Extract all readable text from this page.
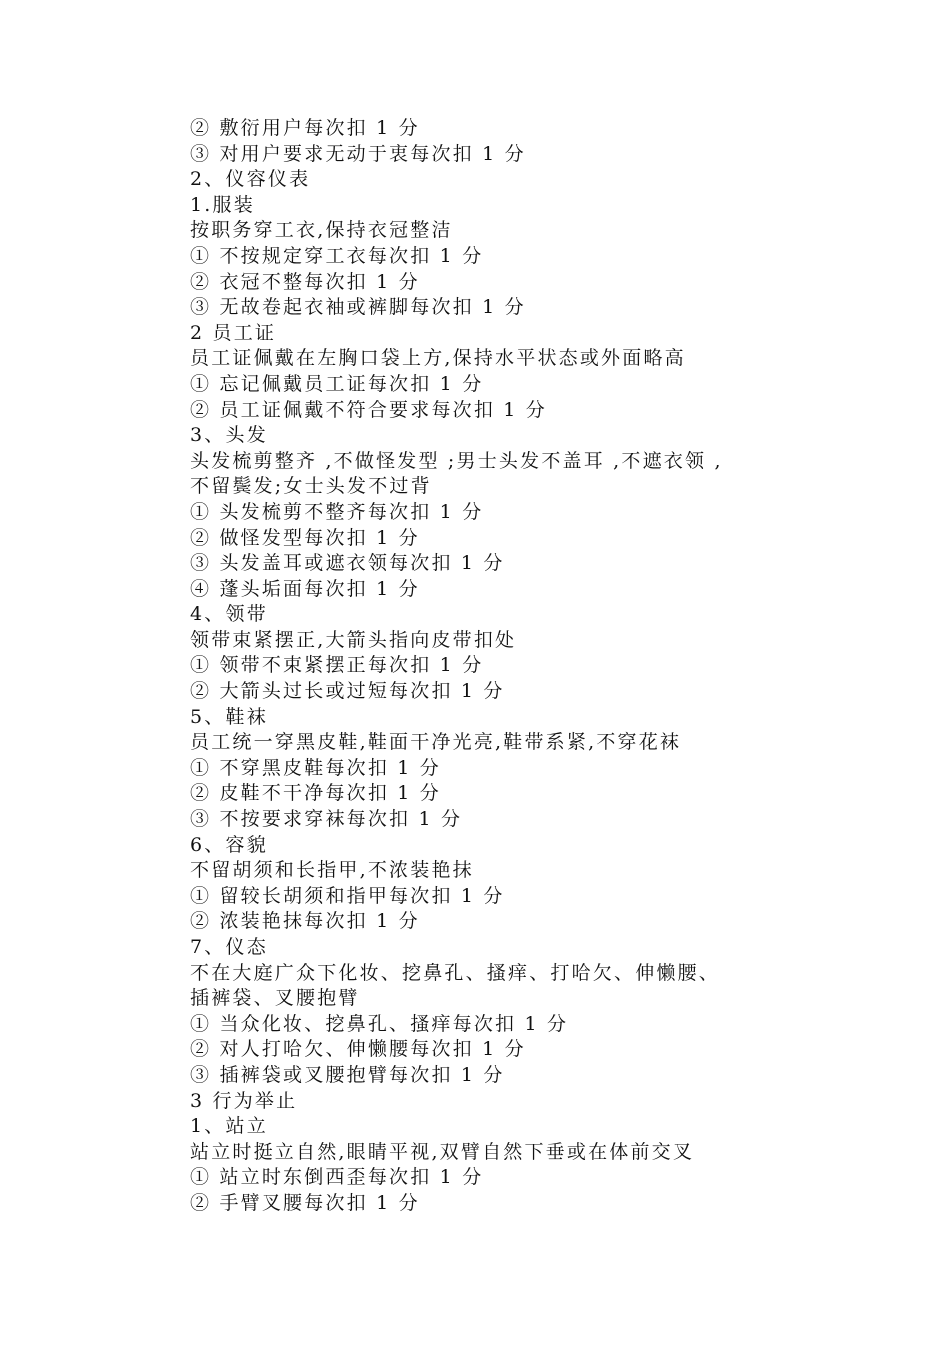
② 敷衍用户每次扣 1 分
③ 对用户要求无动于衷每次扣 1 分
2、仪容仪表
1.服装
按职务穿工衣,保持衣冠整洁
① 不按规定穿工衣每次扣 1 分
② 衣冠不整每次扣 1 分
③ 无故卷起衣袖或裤脚每次扣 1 分
2 员工证
员工证佩戴在左胸口袋上方,保持水平状态或外面略高
① 忘记佩戴员工证每次扣 1 分
② 员工证佩戴不符合要求每次扣 1 分
3、头发
头发梳剪整齐 ,不做怪发型 ;男士头发不盖耳 ,不遮衣领 ,
不留鬓发;女士头发不过背
① 头发梳剪不整齐每次扣 1 分
② 做怪发型每次扣 1 分
③ 头发盖耳或遮衣领每次扣 1 分
④ 蓬头垢面每次扣 1 分
4、领带
领带束紧摆正,大箭头指向皮带扣处
① 领带不束紧摆正每次扣 1 分
② 大箭头过长或过短每次扣 1 分
5、鞋袜
员工统一穿黑皮鞋,鞋面干净光亮,鞋带系紧,不穿花袜
① 不穿黑皮鞋每次扣 1 分
② 皮鞋不干净每次扣 1 分
③ 不按要求穿袜每次扣 1 分
6、容貌
不留胡须和长指甲,不浓装艳抹
① 留较长胡须和指甲每次扣 1 分
② 浓装艳抹每次扣 1 分
7、仪态
不在大庭广众下化妆、挖鼻孔、搔痒、打哈欠、伸懒腰、
插裤袋、叉腰抱臂
① 当众化妆、挖鼻孔、搔痒每次扣 1 分
② 对人打哈欠、伸懒腰每次扣 1 分
③ 插裤袋或叉腰抱臂每次扣 1 分
3 行为举止
1、站立
站立时挺立自然,眼睛平视,双臂自然下垂或在体前交叉
① 站立时东倒西歪每次扣 1 分
② 手臂叉腰每次扣 1 分
